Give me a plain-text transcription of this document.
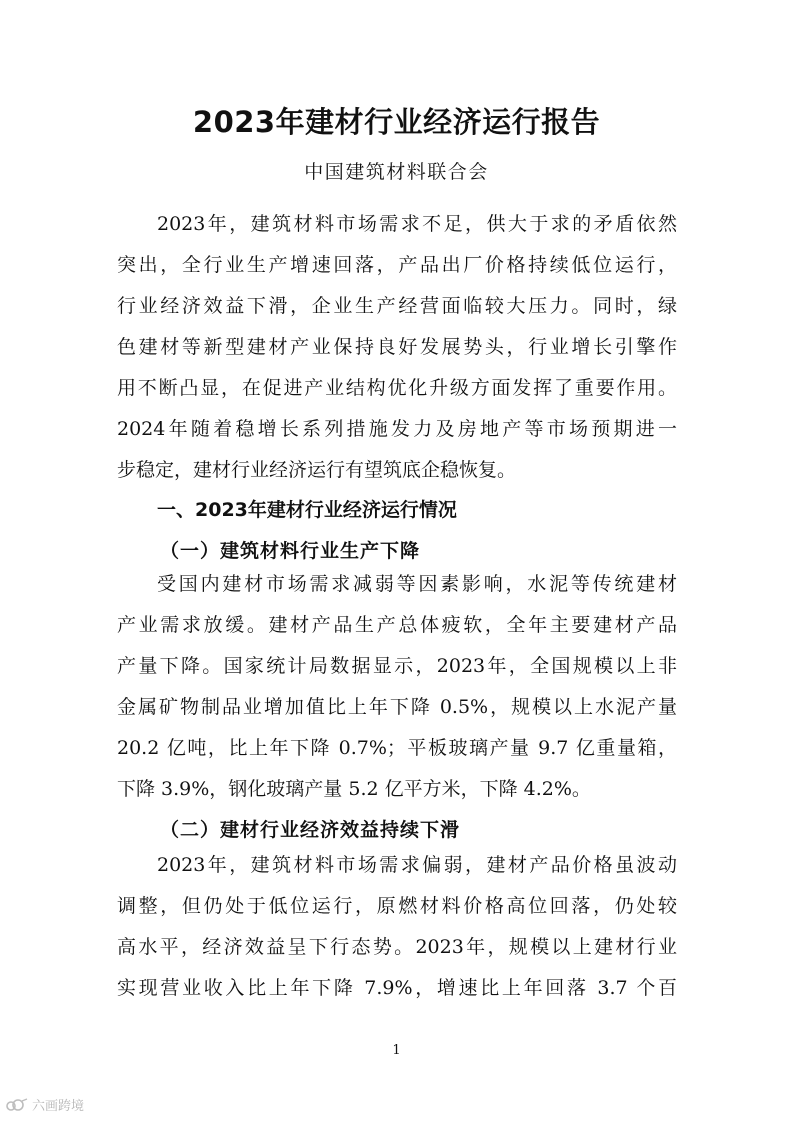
2023年建材行业经济运行报告
中国建筑材料联合会
2023年，建筑材料市场需求不足，供大于求的矛盾依然
突出，全行业生产增速回落，产品出厂价格持续低位运行，
行业经济效益下滑，企业生产经营面临较大压力。同时，绿
色建材等新型建材产业保持良好发展势头，行业增长引擎作
用不断凸显，在促进产业结构优化升级方面发挥了重要作用。
2024年随着稳增长系列措施发力及房地产等市场预期进一
步稳定，建材行业经济运行有望筑底企稳恢复。
一、2023年建材行业经济运行情况
（一）建筑材料行业生产下降
受国内建材市场需求减弱等因素影响，水泥等传统建材
产业需求放缓。建材产品生产总体疲软，全年主要建材产品
产量下降。国家统计局数据显示，2023年，全国规模以上非
金属矿物制品业增加值比上年下降 0.5%，规模以上水泥产量
20.2 亿吨，比上年下降 0.7%；平板玻璃产量 9.7 亿重量箱，
下降 3.9%，钢化玻璃产量 5.2 亿平方米，下降 4.2%。
（二）建材行业经济效益持续下滑
2023年，建筑材料市场需求偏弱，建材产品价格虽波动
调整，但仍处于低位运行，原燃材料价格高位回落，仍处较
高水平，经济效益呈下行态势。2023年，规模以上建材行业
实现营业收入比上年下降 7.9%，增速比上年回落 3.7 个百
1
六画跨境
